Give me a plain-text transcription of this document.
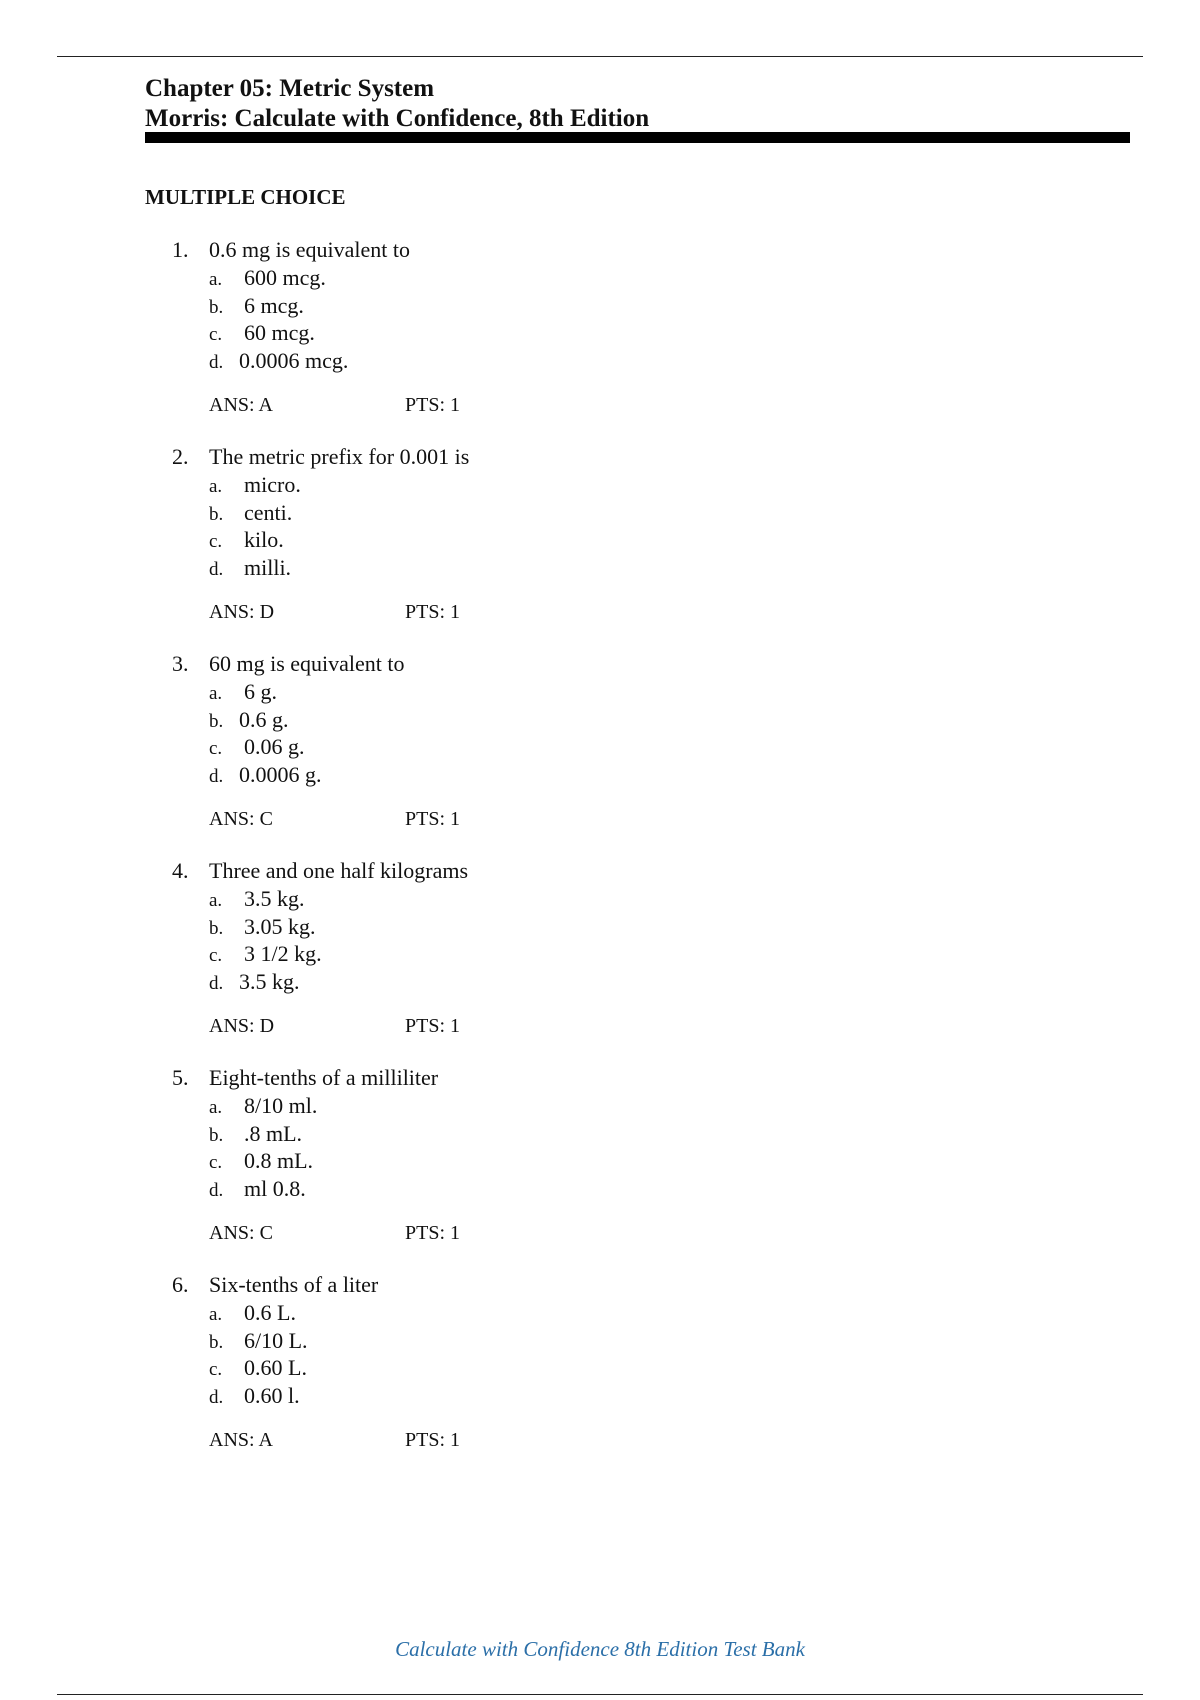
Chapter 05: Metric System
Morris: Calculate with Confidence, 8th Edition
MULTIPLE CHOICE
1. 0.6 mg is equivalent to
a. 600 mcg.
b. 6 mcg.
c. 60 mcg.
d. 0.0006 mcg.
ANS: A	PTS: 1
2. The metric prefix for 0.001 is
a. micro.
b. centi.
c. kilo.
d. milli.
ANS: D	PTS: 1
3. 60 mg is equivalent to
a. 6 g.
b. 0.6 g.
c. 0.06 g.
d. 0.0006 g.
ANS: C	PTS: 1
4. Three and one half kilograms
a. 3.5 kg.
b. 3.05 kg.
c. 3 1/2 kg.
d. 3.5 kg.
ANS: D	PTS: 1
5. Eight-tenths of a milliliter
a. 8/10 ml.
b. .8 mL.
c. 0.8 mL.
d. ml 0.8.
ANS: C	PTS: 1
6. Six-tenths of a liter
a. 0.6 L.
b. 6/10 L.
c. 0.60 L.
d. 0.60 l.
ANS: A	PTS: 1
Calculate with Confidence 8th Edition Test Bank
